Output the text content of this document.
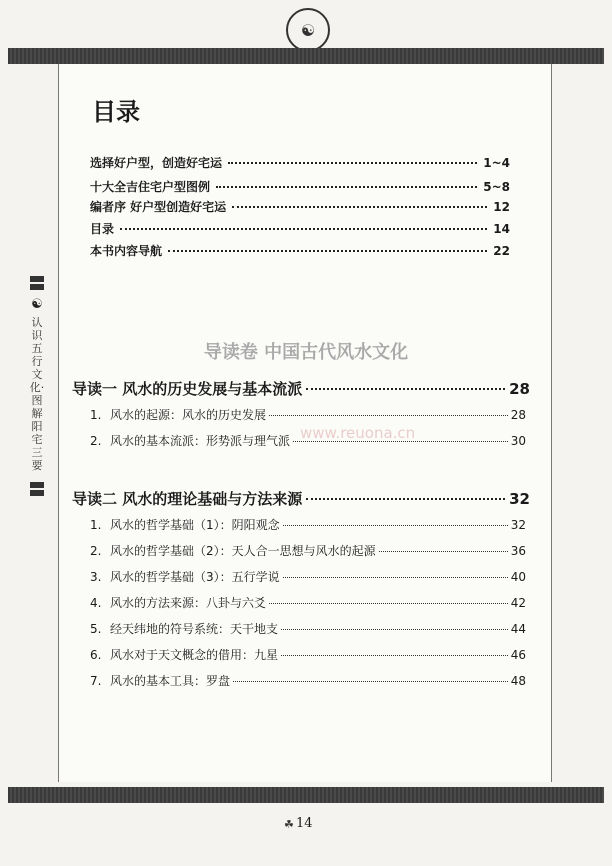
☯
☯
认识五行文化·图解阳宅三要
www.reuona.cn
目录
选择好户型，创造好宅运	1~4
十大全吉住宅户型图例	5~8
编者序 好户型创造好宅运	12
目录	14
本书内容导航	22
导读卷 中国古代风水文化
导读一 风水的历史发展与基本流派	28
1. 风水的起源：风水的历史发展	28
2. 风水的基本流派：形势派与理气派	30
导读二 风水的理论基础与方法来源	32
1. 风水的哲学基础（1）：阴阳观念	32
2. 风水的哲学基础（2）：天人合一思想与风水的起源	36
3. 风水的哲学基础（3）：五行学说	40
4. 风水的方法来源：八卦与六爻	42
5. 经天纬地的符号系统：天干地支	44
6. 风水对于天文概念的借用：九星	46
7. 风水的基本工具：罗盘	48
☘ 14
